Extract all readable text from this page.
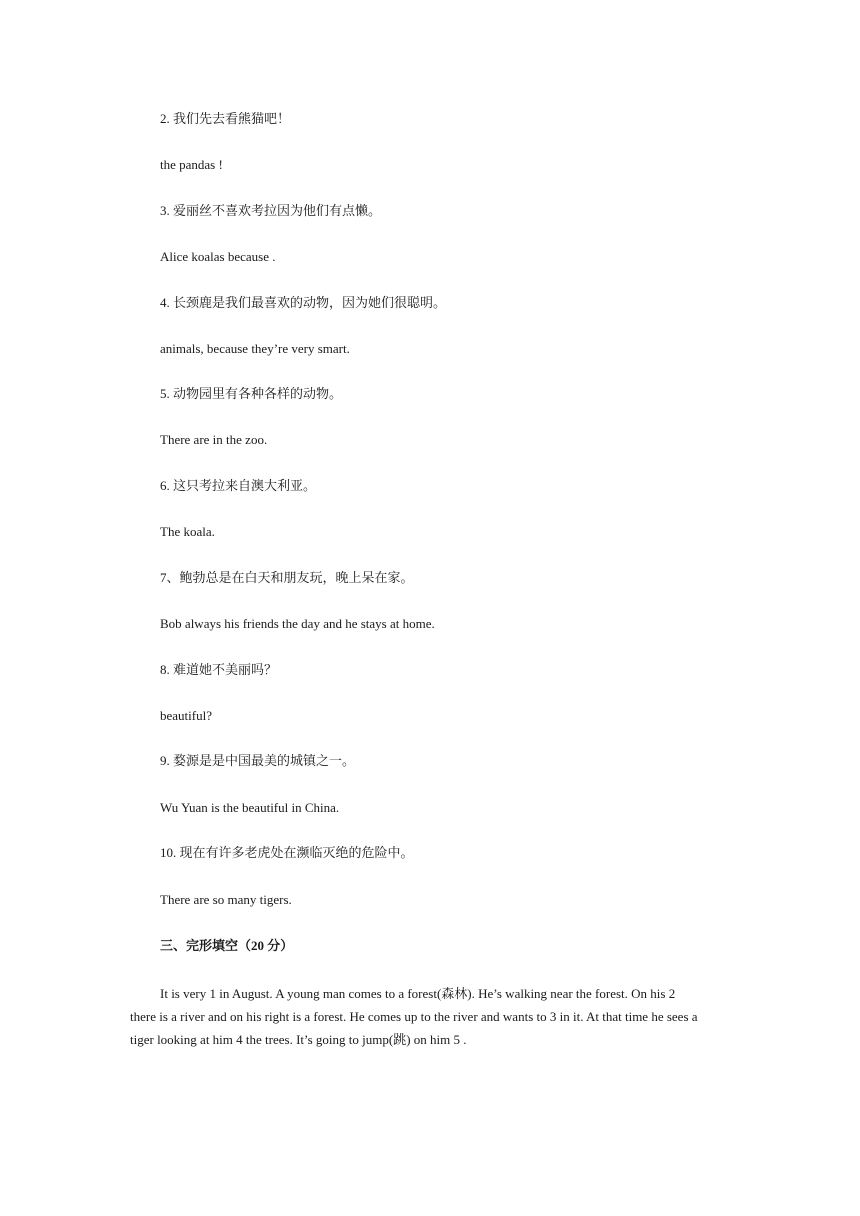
2. 我们先去看熊猫吧！
the pandas !
3. 爱丽丝不喜欢考拉因为他们有点懒。
Alice koalas because .
4. 长颈鹿是我们最喜欢的动物，因为她们很聪明。
animals, because they’re very smart.
5. 动物园里有各种各样的动物。
There are in the zoo.
6. 这只考拉来自澳大利亚。
The koala.
7、鲍勃总是在白天和朋友玩，晚上呆在家。
Bob always his friends the day and he stays at home.
8. 难道她不美丽吗？
beautiful?
9. 婺源是是中国最美的城镇之一。
Wu Yuan is the beautiful in China.
10. 现在有许多老虎处在濒临灭绝的危险中。
There are so many tigers.
三、完形填空（20 分）
It is very 1 in August. A young man comes to a forest(森林). He’s walking near the forest. On his 2
there is a river and on his right is a forest. He comes up to the river and wants to 3 in it. At that time he sees a
tiger looking at him 4 the trees. It’s going to jump(跳) on him 5 .
